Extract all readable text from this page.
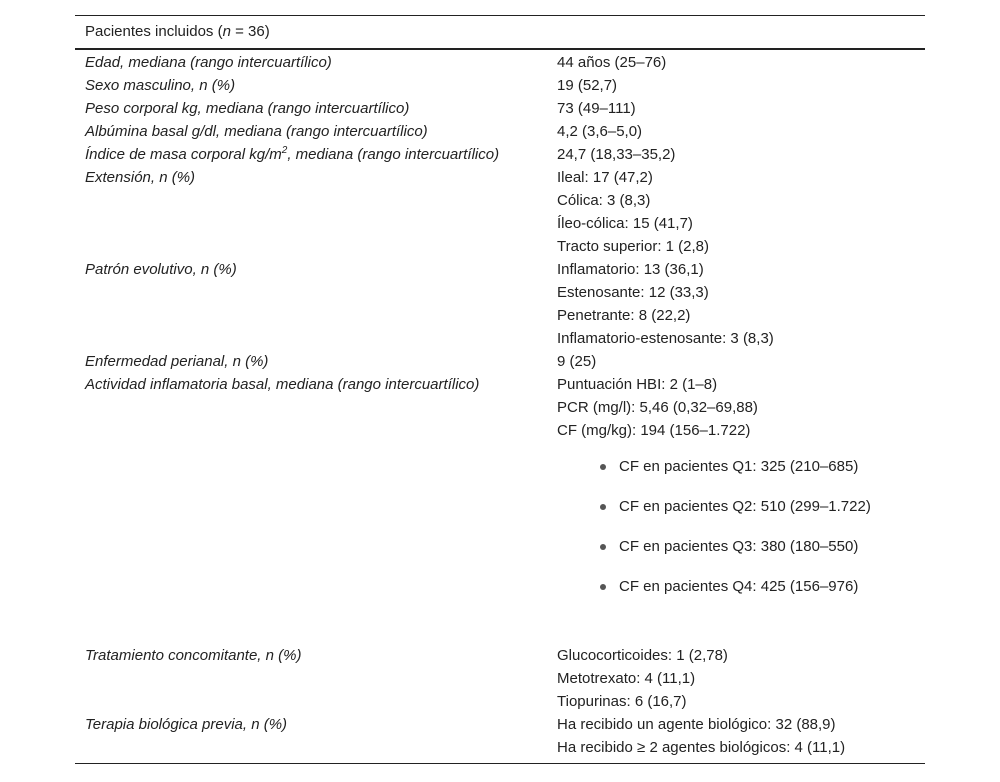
Pacientes incluidos (n = 36)
Edad, mediana (rango intercuartílico)	44 años (25–76)
Sexo masculino, n (%)	19 (52,7)
Peso corporal kg, mediana (rango intercuartílico)	73 (49–111)
Albúmina basal g/dl, mediana (rango intercuartílico)	4,2 (3,6–5,0)
Índice de masa corporal $kg/m^2$, mediana (rango intercuartílico)	24,7 (18,33–35,2)
Extensión, n (%)	Ileal: 17 (47,2)
Cólica: 3 (8,3)
Íleo-cólica: 15 (41,7)
Tracto superior: 1 (2,8)
Patrón evolutivo, n (%)	Inflamatorio: 13 (36,1)
Estenosante: 12 (33,3)
Penetrante: 8 (22,2)
Inflamatorio-estenosante: 3 (8,3)
Enfermedad perianal, n (%)	9 (25)
Actividad inflamatoria basal, mediana (rango intercuartílico)	Puntuación HBI: 2 (1–8)
PCR (mg/l): 5,46 (0,32–69,88)
CF (mg/kg): 194 (156–1.722)
CF en pacientes Q1: 325 (210–685)
CF en pacientes Q2: 510 (299–1.722)
CF en pacientes Q3: 380 (180–550)
CF en pacientes Q4: 425 (156–976)
Tratamiento concomitante, n (%)	Glucocorticoides: 1 (2,78)
Metotrexato: 4 (11,1)
Tiopurinas: 6 (16,7)
Terapia biológica previa, n (%)	Ha recibido un agente biológico: 32 (88,9)
Ha recibido ≥ 2 agentes biológicos: 4 (11,1)
